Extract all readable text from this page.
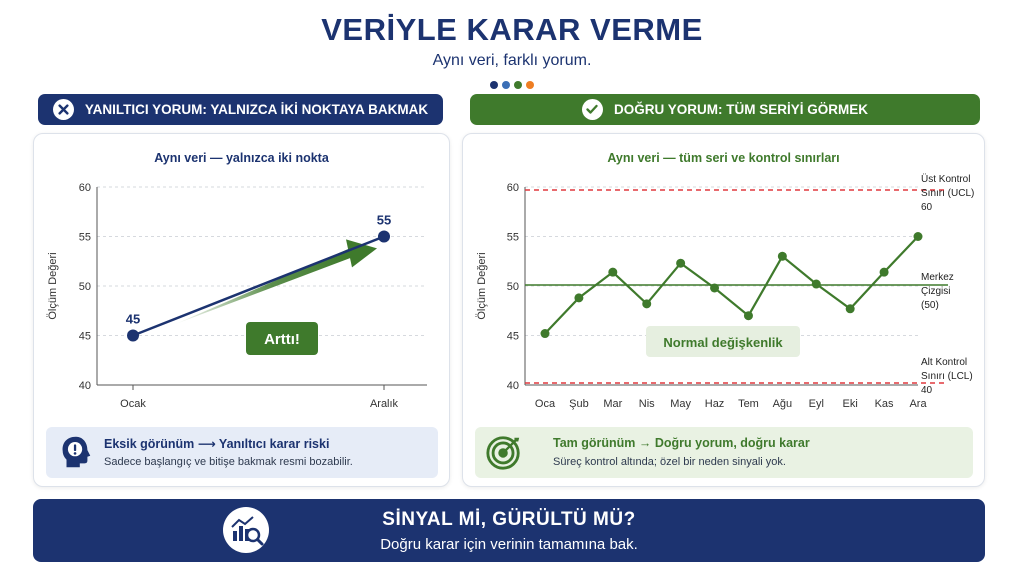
VERİYLE KARAR VERME
Aynı veri, farklı yorum.
YANILTICI YORUM: YALNIZCA İKİ NOKTAYA BAKMAK	DOĞRU YORUM: TÜM SERİYİ GÖRMEK
Aynı veri — yalnızca iki nokta
40
45
50
55
60
Ölçüm Değeri
Ocak	Aralık
Arttı!
45
55
Eksik görünüm ⟶ Yanıltıcı karar riski
Sadece başlangıç ve bitişe bakmak resmi bozabilir.
Aynı veri — tüm seri ve kontrol sınırları
40
45
50
55
60
Ölçüm Değeri
Oca Şub Mar Nis May Haz Tem Ağu Eyl Eki Kas Ara
Üst Kontrol
Sınırı (UCL)
60
Merkez
Çizgisi
(50)
Alt Kontrol
Sınırı (LCL)
40
Normal değişkenlik
Tam görünüm → Doğru yorum, doğru karar
Süreç kontrol altında; özel bir neden sinyali yok.
SİNYAL Mİ, GÜRÜLTÜ MÜ?
Doğru karar için verinin tamamına bak.
